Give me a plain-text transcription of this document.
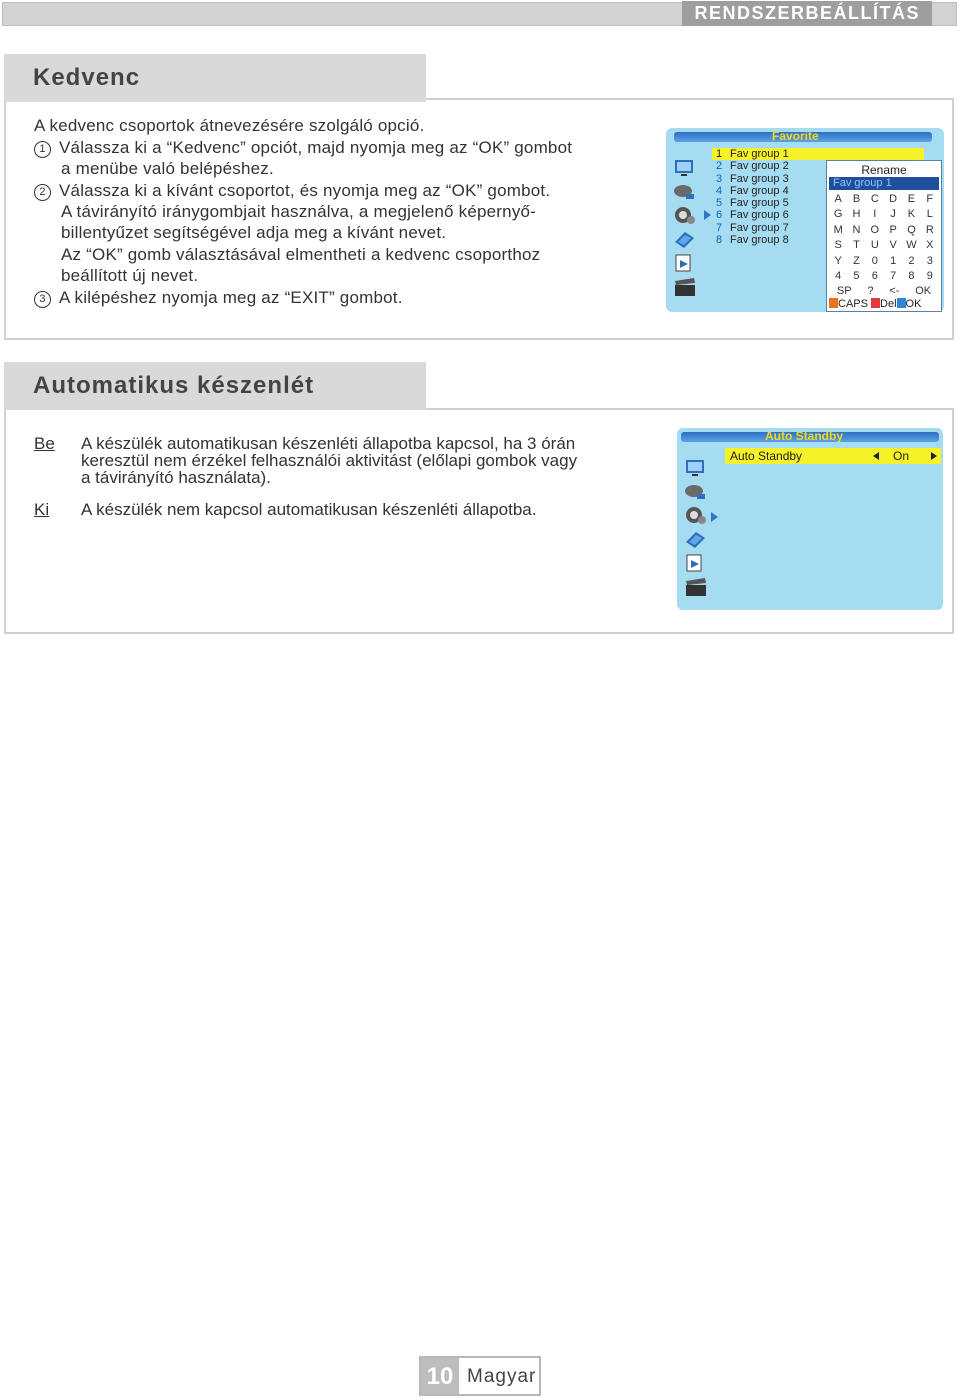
RENDSZERBEÁLLÍTÁS
Kedvenc
A kedvenc csoportok átnevezésére szolgáló opció.
1 Válassza ki a “Kedvenc” opciót, majd nyomja meg az “OK” gombot
a menübe való belépéshez.
2 Válassza ki a kívánt csoportot, és nyomja meg az “OK” gombot.
A távirányító iránygombjait használva, a megjelenő képernyő-
billentyűzet segítségével adja meg a kívánt nevet.
Az “OK” gomb választásával elmentheti a kedvenc csoporthoz
beállított új nevet.
3 A kilépéshez nyomja meg az “EXIT” gombot.
Favorite
1 Fav group 1
2 Fav group 2
3 Fav group 3
4 Fav group 4
5 Fav group 5
6 Fav group 6
7 Fav group 7
8 Fav group 8
Rename
Fav group 1
A B C D E	F
G H	I	J	K	L
M N O P Q R
S	T U V W X
Y	Z	0	1	2	3
4	5	6	7	8	9
SP	?	<-	OK
CAPS Del OK
Automatikus készenlét
Be A készülék automatikusan készenléti állapotba kapcsol, ha 3 órán
keresztül nem érzékel felhasználói aktivitást (előlapi gombok vagy
a távirányító használata).
Ki A készülék nem kapcsol automatikusan készenléti állapotba.
Auto Standby
Auto Standby	On
10 Magyar
